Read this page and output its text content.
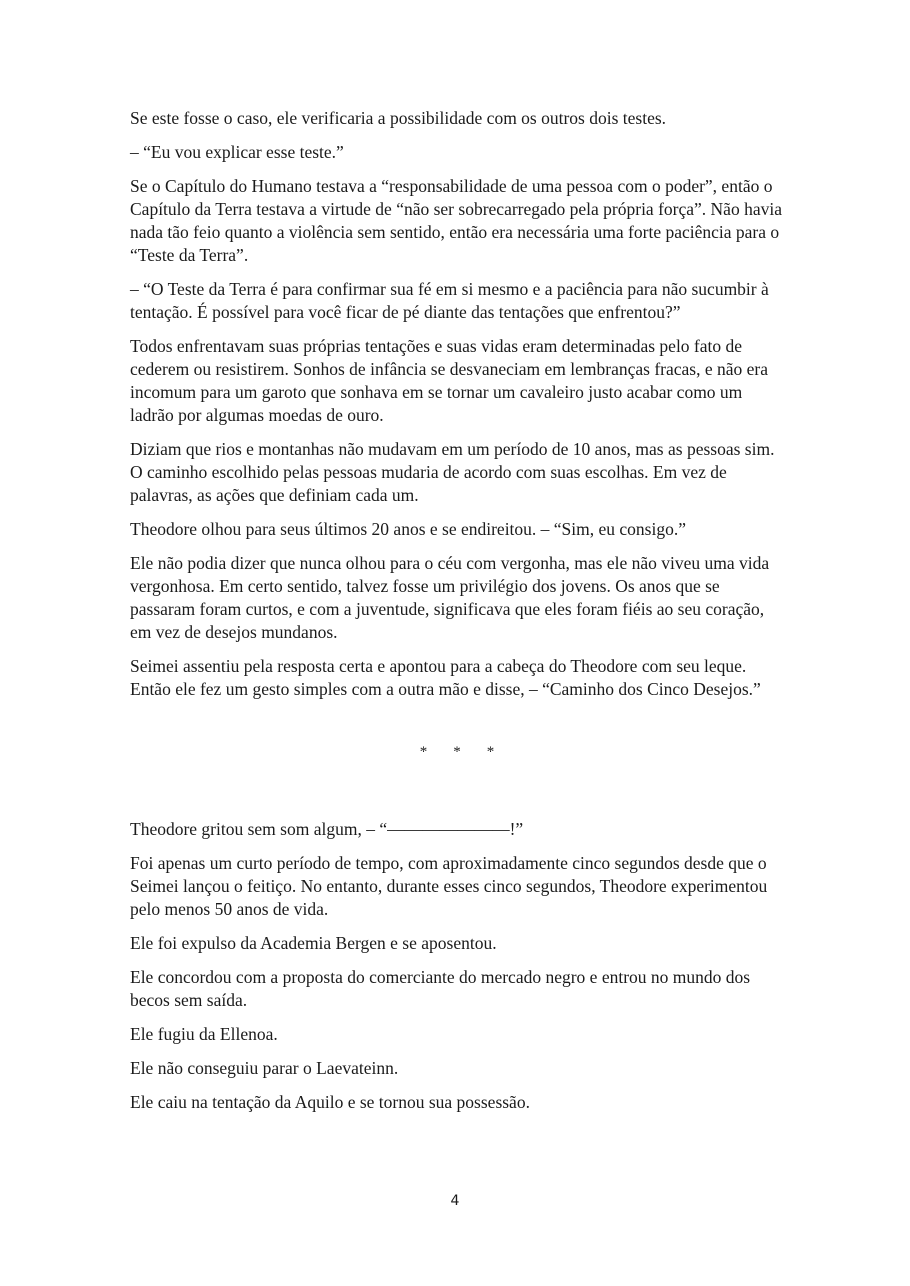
Se este fosse o caso, ele verificaria a possibilidade com os outros dois testes.

– “Eu vou explicar esse teste.”

Se o Capítulo do Humano testava a “responsabilidade de uma pessoa com o poder”, então o Capítulo da Terra testava a virtude de “não ser sobrecarregado pela própria força”. Não havia nada tão feio quanto a violência sem sentido, então era necessária uma forte paciência para o “Teste da Terra”.

– “O Teste da Terra é para confirmar sua fé em si mesmo e a paciência para não sucumbir à tentação. É possível para você ficar de pé diante das tentações que enfrentou?”

Todos enfrentavam suas próprias tentações e suas vidas eram determinadas pelo fato de cederem ou resistirem. Sonhos de infância se desvaneciam em lembranças fracas, e não era incomum para um garoto que sonhava em se tornar um cavaleiro justo acabar como um ladrão por algumas moedas de ouro.

Diziam que rios e montanhas não mudavam em um período de 10 anos, mas as pessoas sim. O caminho escolhido pelas pessoas mudaria de acordo com suas escolhas. Em vez de palavras, as ações que definiam cada um.

Theodore olhou para seus últimos 20 anos e se endireitou. – “Sim, eu consigo.”

Ele não podia dizer que nunca olhou para o céu com vergonha, mas ele não viveu uma vida vergonhosa. Em certo sentido, talvez fosse um privilégio dos jovens. Os anos que se passaram foram curtos, e com a juventude, significava que eles foram fiéis ao seu coração, em vez de desejos mundanos.

Seimei assentiu pela resposta certa e apontou para a cabeça do Theodore com seu leque. Então ele fez um gesto simples com a outra mão e disse, – “Caminho dos Cinco Desejos.”

* * *

Theodore gritou sem som algum, – “———————!”

Foi apenas um curto período de tempo, com aproximadamente cinco segundos desde que o Seimei lançou o feitiço. No entanto, durante esses cinco segundos, Theodore experimentou pelo menos 50 anos de vida.

Ele foi expulso da Academia Bergen e se aposentou.

Ele concordou com a proposta do comerciante do mercado negro e entrou no mundo dos becos sem saída.

Ele fugiu da Ellenoa.

Ele não conseguiu parar o Laevateinn.

Ele caiu na tentação da Aquilo e se tornou sua possessão.

4
